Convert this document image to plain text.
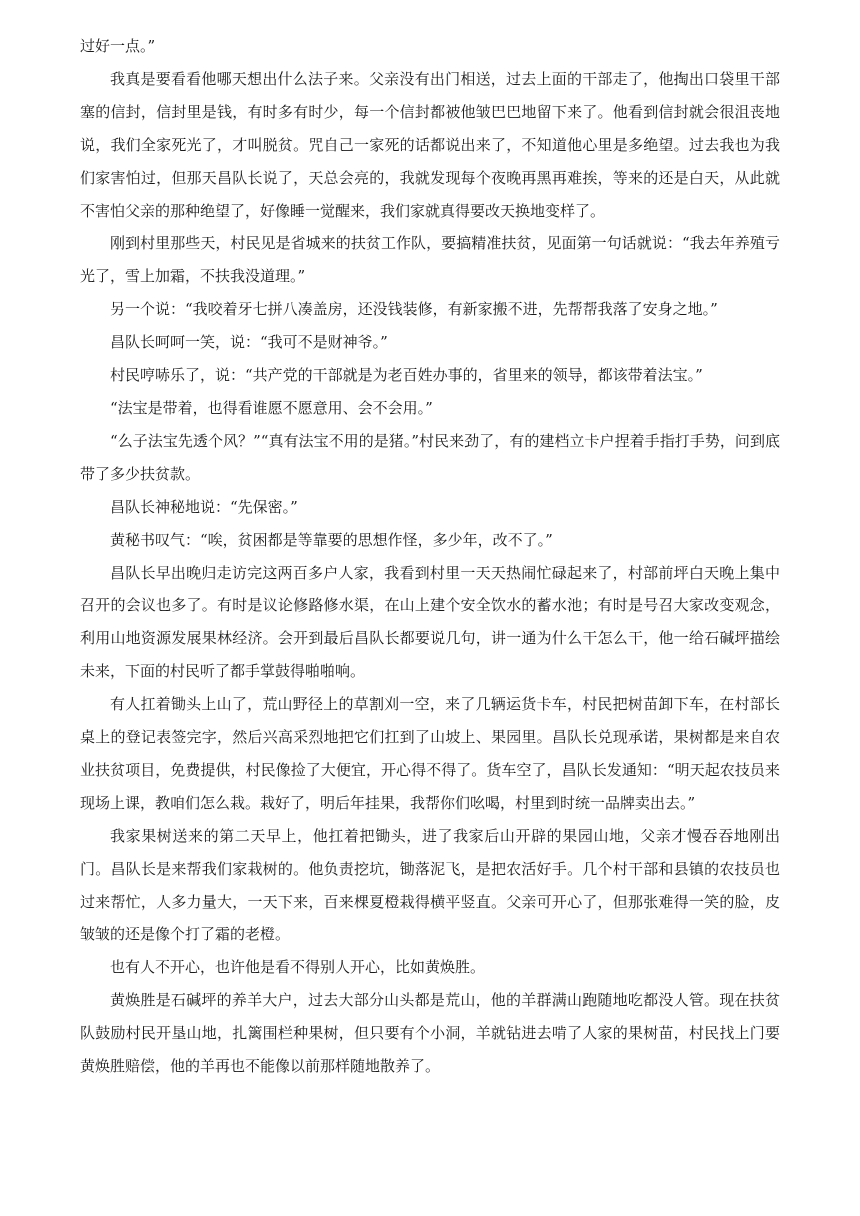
过好一点。”

我真是要看看他哪天想出什么法子来。父亲没有出门相送，过去上面的干部走了，他掏出口袋里干部塞的信封，信封里是钱，有时多有时少，每一个信封都被他皱巴巴地留下来了。他看到信封就会很沮丧地说，我们全家死光了，才叫脱贫。咒自己一家死的话都说出来了，不知道他心里是多绝望。过去我也为我们家害怕过，但那天昌队长说了，天总会亮的，我就发现每个夜晚再黑再难挨，等来的还是白天，从此就不害怕父亲的那种绝望了，好像睡一觉醒来，我们家就真得要改天换地变样了。

刚到村里那些天，村民见是省城来的扶贫工作队，要搞精准扶贫，见面第一句话就说：“我去年养殖亏光了，雪上加霜，不扶我没道理。”

另一个说：“我咬着牙七拼八凑盖房，还没钱装修，有新家搬不进，先帮帮我落了安身之地。”

昌队长呵呵一笑，说：“我可不是财神爷。”

村民哼哧乐了，说：“共产党的干部就是为老百姓办事的，省里来的领导，都该带着法宝。”

“法宝是带着，也得看谁愿不愿意用、会不会用。”

“么子法宝先透个风？”“真有法宝不用的是猪。”村民来劲了，有的建档立卡户捏着手指打手势，问到底带了多少扶贫款。

昌队长神秘地说：“先保密。”

黄秘书叹气：“唉，贫困都是等靠要的思想作怪，多少年，改不了。”

昌队长早出晚归走访完这两百多户人家，我看到村里一天天热闹忙碌起来了，村部前坪白天晚上集中召开的会议也多了。有时是议论修路修水渠，在山上建个安全饮水的蓄水池；有时是号召大家改变观念，利用山地资源发展果林经济。会开到最后昌队长都要说几句，讲一通为什么干怎么干，他一给石碱坪描绘未来，下面的村民听了都手掌鼓得啪啪响。

有人扛着锄头上山了，荒山野径上的草割刈一空，来了几辆运货卡车，村民把树苗卸下车，在村部长桌上的登记表签完字，然后兴高采烈地把它们扛到了山坡上、果园里。昌队长兑现承诺，果树都是来自农业扶贫项目，免费提供，村民像捡了大便宜，开心得不得了。货车空了，昌队长发通知：“明天起农技员来现场上课，教咱们怎么栽。栽好了，明后年挂果，我帮你们吆喝，村里到时统一品牌卖出去。”

我家果树送来的第二天早上，他扛着把锄头，进了我家后山开辟的果园山地，父亲才慢吞吞地刚出门。昌队长是来帮我们家栽树的。他负责挖坑，锄落泥飞，是把农活好手。几个村干部和县镇的农技员也过来帮忙，人多力量大，一天下来，百来棵夏橙栽得横平竖直。父亲可开心了，但那张难得一笑的脸，皮皱皱的还是像个打了霜的老橙。

也有人不开心，也许他是看不得别人开心，比如黄焕胜。

黄焕胜是石碱坪的养羊大户，过去大部分山头都是荒山，他的羊群满山跑随地吃都没人管。现在扶贫队鼓励村民开垦山地，扎篱围栏种果树，但只要有个小洞，羊就钻进去啃了人家的果树苗，村民找上门要黄焕胜赔偿，他的羊再也不能像以前那样随地散养了。
